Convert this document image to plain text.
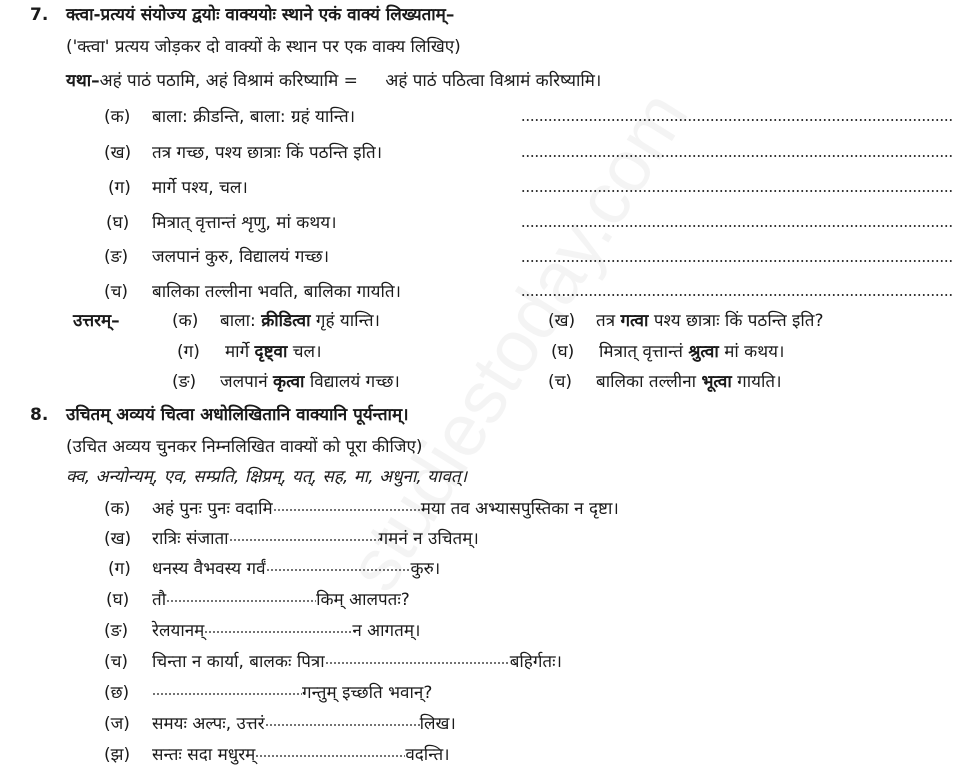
7. क्त्वा-प्रत्ययं संयोज्य द्वयोः वाक्ययोः स्थाने एकं वाक्यं लिख्यताम्–
('क्त्वा' प्रत्यय जोड़कर दो वाक्यों के स्थान पर एक वाक्य लिखिए)
यथा–अहं पाठं पठामि, अहं विश्रामं करिष्यामि = अहं पाठं पठित्वा विश्रामं करिष्यामि।
(क) बाला: क्रीडन्ति, बाला: ग्रहं यान्ति।
(ख) तत्र गच्छ, पश्य छात्राः किं पठन्ति इति।
(ग) मार्गे पश्य, चल।
(घ) मित्रात् वृत्तान्तं शृणु, मां कथय।
(ङ) जलपानं कुरु, विद्यालयं गच्छ।
(च) बालिका तल्लीना भवति, बालिका गायति।
उत्तरम्–	(क) बाला: क्रीडित्वा गृहं यान्ति।	(ख) तत्र गत्वा पश्य छात्राः किं पठन्ति इति?
(ग) मार्गे दृष्ट्वा चल।	(घ) मित्रात् वृत्तान्तं श्रुत्वा मां कथय।
(ङ) जलपानं कृत्वा विद्यालयं गच्छ।	(च) बालिका तल्लीना भूत्वा गायति।
8. उचितम् अव्ययं चित्वा अधोलिखितानि वाक्यानि पूर्यन्ताम्।
(उचित अव्यय चुनकर निम्नलिखित वाक्यों को पूरा कीजिए)
क्व, अन्योन्यम्, एव, सम्प्रति, क्षिप्रम्, यत्, सह, मा, अधुना, यावत्।
(क) अहं पुनः पुनः वदामि	मया तव अभ्यासपुस्तिका न दृष्टा।
(ख) रात्रिः संजाता	गमनं न उचितम्।
(ग) धनस्य वैभवस्य गर्वं	कुरु।
(घ) तौ	किम् आलपतः?
(ङ) रेलयानम्	न आगतम्।
(च) चिन्ता न कार्या, बालकः पित्रा	बहिर्गतः।
(छ)	गन्तुम् इच्छति भवान्?
(ज) समयः अल्पः, उत्तरं	लिख।
(झ) सन्तः सदा मधुरम्	वदन्ति।
